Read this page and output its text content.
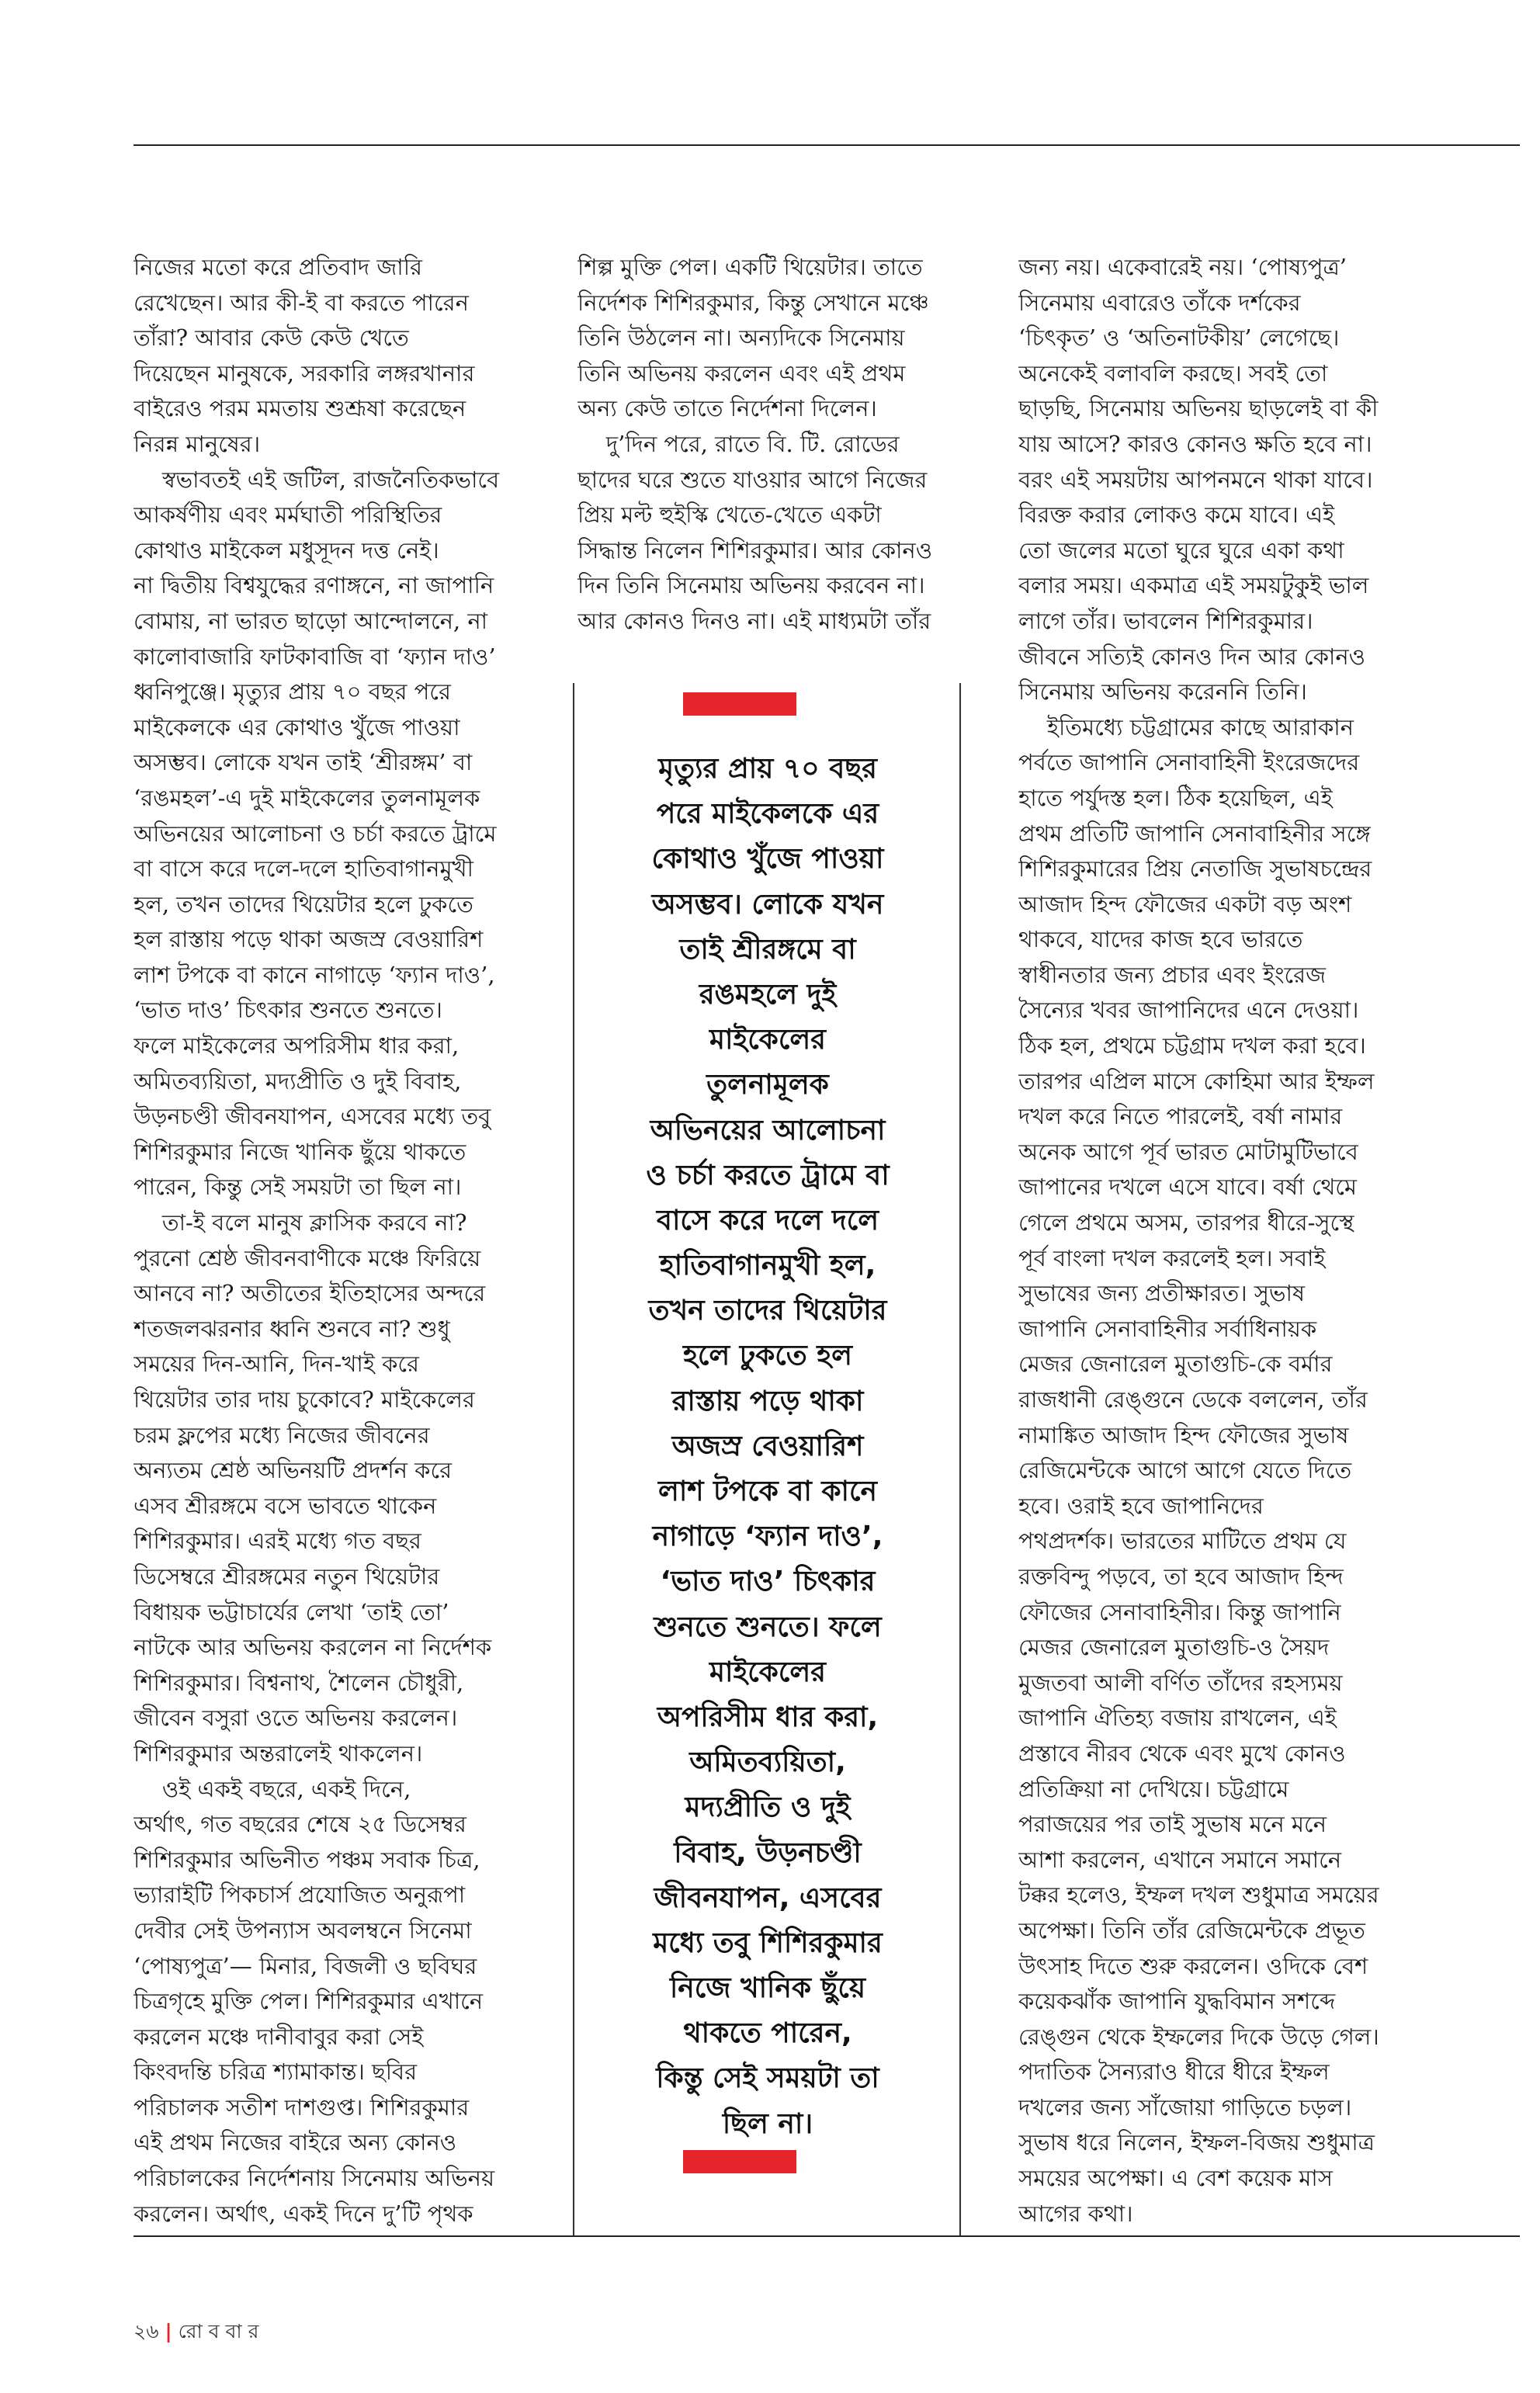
নিজের মতো করে প্রতিবাদ জারি
রেখেছেন। আর কী-ই বা করতে পারেন
তাঁরা? আবার কেউ কেউ খেতে
দিয়েছেন মানুষকে, সরকারি লঙ্গরখানার
বাইরেও পরম মমতায় শুশ্রূষা করেছেন
নিরন্ন মানুষের।
স্বভাবতই এই জটিল, রাজনৈতিকভাবে
আকর্ষণীয় এবং মর্মঘাতী পরিস্থিতির
কোথাও মাইকেল মধুসূদন দত্ত নেই।
না দ্বিতীয় বিশ্বযুদ্ধের রণাঙ্গনে, না জাপানি
বোমায়, না ভারত ছাড়ো আন্দোলনে, না
কালোবাজারি ফাটকাবাজি বা ‘ফ্যান দাও’
ধ্বনিপুঞ্জে। মৃত্যুর প্রায় ৭০ বছর পরে
মাইকেলকে এর কোথাও খুঁজে পাওয়া
অসম্ভব। লোকে যখন তাই ‘শ্রীরঙ্গম’ বা
‘রঙমহল’-এ দুই মাইকেলের তুলনামূলক
অভিনয়ের আলোচনা ও চর্চা করতে ট্রামে
বা বাসে করে দলে-দলে হাতিবাগানমুখী
হল, তখন তাদের থিয়েটার হলে ঢুকতে
হল রাস্তায় পড়ে থাকা অজস্র বেওয়ারিশ
লাশ টপকে বা কানে নাগাড়ে ‘ফ্যান দাও’,
‘ভাত দাও’ চিৎকার শুনতে শুনতে।
ফলে মাইকেলের অপরিসীম ধার করা,
অমিতব্যয়িতা, মদ্যপ্রীতি ও দুই বিবাহ,
উড়নচণ্ডী জীবনযাপন, এসবের মধ্যে তবু
শিশিরকুমার নিজে খানিক ছুঁয়ে থাকতে
পারেন, কিন্তু সেই সময়টা তা ছিল না।
তা-ই বলে মানুষ ক্লাসিক করবে না?
পুরনো শ্রেষ্ঠ জীবনবাণীকে মঞ্চে ফিরিয়ে
আনবে না? অতীতের ইতিহাসের অন্দরে
শতজলঝরনার ধ্বনি শুনবে না? শুধু
সময়ের দিন-আনি, দিন-খাই করে
থিয়েটার তার দায় চুকোবে? মাইকেলের
চরম ফ্লপের মধ্যে নিজের জীবনের
অন্যতম শ্রেষ্ঠ অভিনয়টি প্রদর্শন করে
এসব শ্রীরঙ্গমে বসে ভাবতে থাকেন
শিশিরকুমার। এরই মধ্যে গত বছর
ডিসেম্বরে শ্রীরঙ্গমের নতুন থিয়েটার
বিধায়ক ভট্টাচার্যের লেখা ‘তাই তো’
নাটকে আর অভিনয় করলেন না নির্দেশক
শিশিরকুমার। বিশ্বনাথ, শৈলেন চৌধুরী,
জীবেন বসুরা ওতে অভিনয় করলেন।
শিশিরকুমার অন্তরালেই থাকলেন।
ওই একই বছরে, একই দিনে,
অর্থাৎ, গত বছরের শেষে ২৫ ডিসেম্বর
শিশিরকুমার অভিনীত পঞ্চম সবাক চিত্র,
ভ্যারাইটি পিকচার্স প্রযোজিত অনুরূপা
দেবীর সেই উপন্যাস অবলম্বনে সিনেমা
‘পোষ্যপুত্র’— মিনার, বিজলী ও ছবিঘর
চিত্রগৃহে মুক্তি পেল। শিশিরকুমার এখানে
করলেন মঞ্চে দানীবাবুর করা সেই
কিংবদন্তি চরিত্র শ্যামাকান্ত। ছবির
পরিচালক সতীশ দাশগুপ্ত। শিশিরকুমার
এই প্রথম নিজের বাইরে অন্য কোনও
পরিচালকের নির্দেশনায় সিনেমায় অভিনয়
করলেন। অর্থাৎ, একই দিনে দু’টি পৃথক
শিল্প মুক্তি পেল। একটি থিয়েটার। তাতে
নির্দেশক শিশিরকুমার, কিন্তু সেখানে মঞ্চে
তিনি উঠলেন না। অন্যদিকে সিনেমায়
তিনি অভিনয় করলেন এবং এই প্রথম
অন্য কেউ তাতে নির্দেশনা দিলেন।
দু’দিন পরে, রাতে বি. টি. রোডের
ছাদের ঘরে শুতে যাওয়ার আগে নিজের
প্রিয় মল্ট হুইস্কি খেতে-খেতে একটা
সিদ্ধান্ত নিলেন শিশিরকুমার। আর কোনও
দিন তিনি সিনেমায় অভিনয় করবেন না।
আর কোনও দিনও না। এই মাধ্যমটা তাঁর
জন্য নয়। একেবারেই নয়। ‘পোষ্যপুত্র’
সিনেমায় এবারেও তাঁকে দর্শকের
‘চিৎকৃত’ ও ‘অতিনাটকীয়’ লেগেছে।
অনেকেই বলাবলি করছে। সবই তো
ছাড়ছি, সিনেমায় অভিনয় ছাড়লেই বা কী
যায় আসে? কারও কোনও ক্ষতি হবে না।
বরং এই সময়টায় আপনমনে থাকা যাবে।
বিরক্ত করার লোকও কমে যাবে। এই
তো জলের মতো ঘুরে ঘুরে একা কথা
বলার সময়। একমাত্র এই সময়টুকুই ভাল
লাগে তাঁর। ভাবলেন শিশিরকুমার।
জীবনে সত্যিই কোনও দিন আর কোনও
সিনেমায় অভিনয় করেননি তিনি।
ইতিমধ্যে চট্টগ্রামের কাছে আরাকান
পর্বতে জাপানি সেনাবাহিনী ইংরেজদের
হাতে পর্যুদস্ত হল। ঠিক হয়েছিল, এই
প্রথম প্রতিটি জাপানি সেনাবাহিনীর সঙ্গে
শিশিরকুমারের প্রিয় নেতাজি সুভাষচন্দ্রের
আজাদ হিন্দ ফৌজের একটা বড় অংশ
থাকবে, যাদের কাজ হবে ভারতে
স্বাধীনতার জন্য প্রচার এবং ইংরেজ
সৈন্যের খবর জাপানিদের এনে দেওয়া।
ঠিক হল, প্রথমে চট্টগ্রাম দখল করা হবে।
তারপর এপ্রিল মাসে কোহিমা আর ইম্ফল
দখল করে নিতে পারলেই, বর্ষা নামার
অনেক আগে পূর্ব ভারত মোটামুটিভাবে
জাপানের দখলে এসে যাবে। বর্ষা থেমে
গেলে প্রথমে অসম, তারপর ধীরে-সুস্থে
পূর্ব বাংলা দখল করলেই হল। সবাই
সুভাষের জন্য প্রতীক্ষারত। সুভাষ
জাপানি সেনাবাহিনীর সর্বাধিনায়ক
মেজর জেনারেল মুতাগুচি-কে বর্মার
রাজধানী রেঙ্গুনে ডেকে বললেন, তাঁর
নামাঙ্কিত আজাদ হিন্দ ফৌজের সুভাষ
রেজিমেন্টকে আগে আগে যেতে দিতে
হবে। ওরাই হবে জাপানিদের
পথপ্রদর্শক। ভারতের মাটিতে প্রথম যে
রক্তবিন্দু পড়বে, তা হবে আজাদ হিন্দ
ফৌজের সেনাবাহিনীর। কিন্তু জাপানি
মেজর জেনারেল মুতাগুচি-ও সৈয়দ
মুজতবা আলী বর্ণিত তাঁদের রহস্যময়
জাপানি ঐতিহ্য বজায় রাখলেন, এই
প্রস্তাবে নীরব থেকে এবং মুখে কোনও
প্রতিক্রিয়া না দেখিয়ে। চট্টগ্রামে
পরাজয়ের পর তাই সুভাষ মনে মনে
আশা করলেন, এখানে সমানে সমানে
টক্কর হলেও, ইম্ফল দখল শুধুমাত্র সময়ের
অপেক্ষা। তিনি তাঁর রেজিমেন্টকে প্রভূত
উৎসাহ দিতে শুরু করলেন। ওদিকে বেশ
কয়েকঝাঁক জাপানি যুদ্ধবিমান সশব্দে
রেঙ্গুন থেকে ইম্ফলের দিকে উড়ে গেল।
পদাতিক সৈন্যরাও ধীরে ধীরে ইম্ফল
দখলের জন্য সাঁজোয়া গাড়িতে চড়ল।
সুভাষ ধরে নিলেন, ইম্ফল-বিজয় শুধুমাত্র
সময়ের অপেক্ষা। এ বেশ কয়েক মাস
আগের কথা।
মৃত্যুর প্রায় ৭০ বছর
পরে মাইকেলকে এর
কোথাও খুঁজে পাওয়া
অসম্ভব। লোকে যখন
তাই শ্রীরঙ্গমে বা
রঙমহলে দুই
মাইকেলের
তুলনামূলক
অভিনয়ের আলোচনা
ও চর্চা করতে ট্রামে বা
বাসে করে দলে দলে
হাতিবাগানমুখী হল,
তখন তাদের থিয়েটার
হলে ঢুকতে হল
রাস্তায় পড়ে থাকা
অজস্র বেওয়ারিশ
লাশ টপকে বা কানে
নাগাড়ে ‘ফ্যান দাও’,
‘ভাত দাও’ চিৎকার
শুনতে শুনতে। ফলে
মাইকেলের
অপরিসীম ধার করা,
অমিতব্যয়িতা,
মদ্যপ্রীতি ও দুই
বিবাহ, উড়নচণ্ডী
জীবনযাপন, এসবের
মধ্যে তবু শিশিরকুমার
নিজে খানিক ছুঁয়ে
থাকতে পারেন,
কিন্তু সেই সময়টা তা
ছিল না।
২৬ | রো ব বা র
